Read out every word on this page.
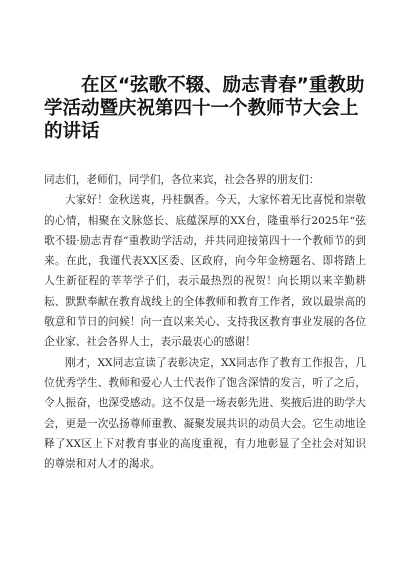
在区“弦歌不辍、励志青春”重教助学活动暨庆祝第四十一个教师节大会上的讲话

同志们，老师们，同学们，各位来宾，社会各界的朋友们：

大家好！金秋送爽，丹桂飘香。今天，大家怀着无比喜悦和崇敬的心情，相聚在文脉悠长、底蕴深厚的XX台，隆重举行2025年“弦歌不辍·励志青春”重教助学活动，并共同迎接第四十一个教师节的到来。在此，我谨代表XX区委、区政府，向今年金榜题名、即将踏上人生新征程的莘莘学子们，表示最热烈的祝贺！向长期以来辛勤耕耘、默默奉献在教育战线上的全体教师和教育工作者，致以最崇高的敬意和节日的问候！向一直以来关心、支持我区教育事业发展的各位企业家、社会各界人士，表示最衷心的感谢！

刚才，XX同志宣读了表彰决定，XX同志作了教育工作报告，几位优秀学生、教师和爱心人士代表作了饱含深情的发言，听了之后，令人振奋，也深受感动。这不仅是一场表彰先进、奖掖后进的助学大会，更是一次弘扬尊师重教、凝聚发展共识的动员大会。它生动地诠释了XX区上下对教育事业的高度重视，有力地彰显了全社会对知识的尊崇和对人才的渴求。
